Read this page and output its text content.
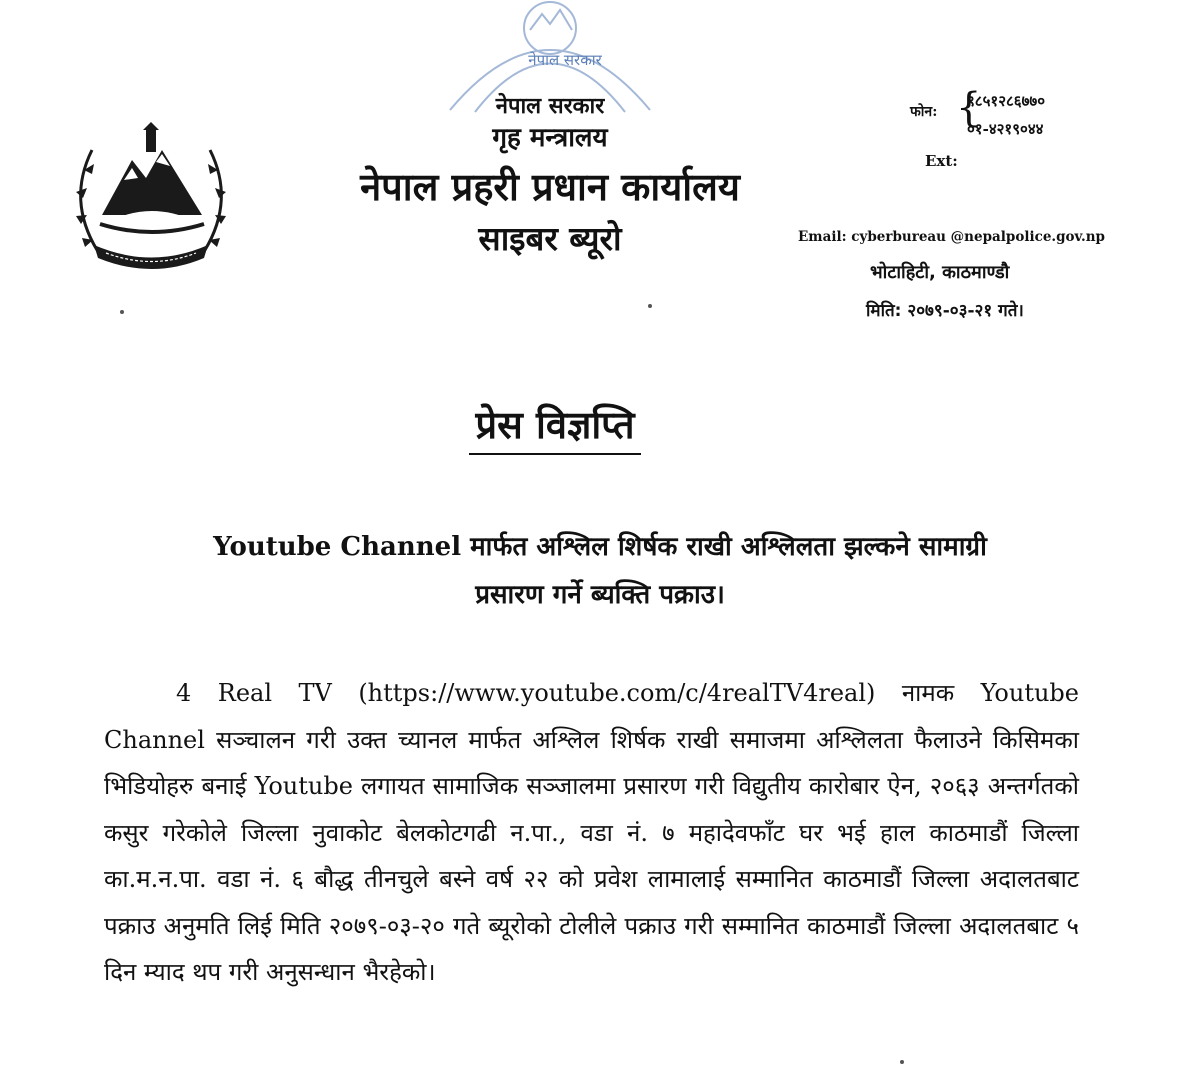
नेपाल सरकार
नेपाल सरकार
गृह मन्त्रालय
नेपाल प्रहरी प्रधान कार्यालय
साइबर ब्यूरो
फोन: {
९८५१२८६७७०
०१-४२१९०४४
Ext:
Email: cyberbureau @nepalpolice.gov.np
भोटाहिटी, काठमाण्डौ
मिति: २०७९-०३-२१ गते।
प्रेस विज्ञप्ति
Youtube Channel मार्फत अश्लिल शिर्षक राखी अश्लिलता झल्कने सामाग्री
प्रसारण गर्ने ब्यक्ति पक्राउ।

4 Real TV (https://www.youtube.com/c/4realTV4real) नामक Youtube Channel सञ्चालन गरी उक्त च्यानल मार्फत अश्लिल शिर्षक राखी समाजमा अश्लिलता फैलाउने किसिमका भिडियोहरु बनाई Youtube लगायत सामाजिक सञ्जालमा प्रसारण गरी विद्युतीय कारोबार ऐन, २०६३ अन्तर्गतको कसुर गरेकोले जिल्ला नुवाकोट बेलकोटगढी न.पा., वडा नं. ७ महादेवफाँट घर भई हाल काठमाडौं जिल्ला का.म.न.पा. वडा नं. ६ बौद्ध तीनचुले बस्ने वर्ष २२ को प्रवेश लामालाई सम्मानित काठमाडौं जिल्ला अदालतबाट पक्राउ अनुमति लिई मिति २०७९-०३-२० गते ब्यूरोको टोलीले पक्राउ गरी सम्मानित काठमाडौं जिल्ला अदालतबाट ५ दिन म्याद थप गरी अनुसन्धान भैरहेको।
